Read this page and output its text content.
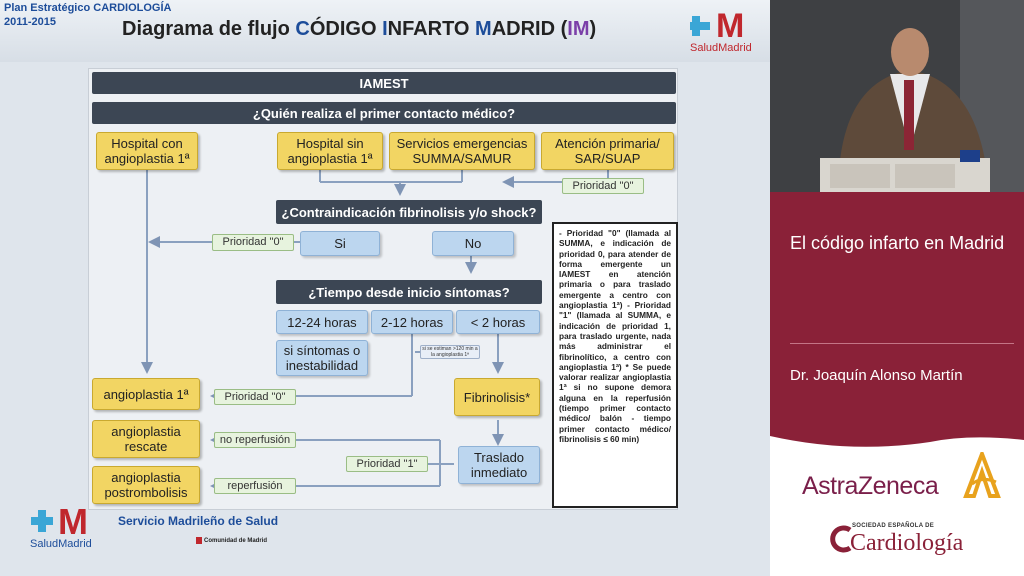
Plan Estratégico CARDIOLOGÍA
2011-2015	Diagrama de flujo CÓDIGO INFARTO MADRID (IM)	M
SaludMadrid
IAMEST
¿Quién realiza el primer contacto médico?
Hospital con angioplastia 1ª
Hospital sin angioplastia 1ª
Servicios emergencias SUMMA/SAMUR
Atención primaria/ SAR/SUAP
Prioridad "0"
¿Contraindicación fibrinolisis y/o shock?
Prioridad "0"	Si	No
¿Tiempo desde inicio síntomas?
12-24 horas	2-12 horas	< 2 horas
si síntomas o inestabilidad
si se estiman >120 min a la angioplastia 1ª
angioplastia 1ª	Prioridad "0"	Fibrinolisis*
angioplastia rescate	no reperfusión
Prioridad "1"	Traslado inmediato
angioplastia postrombolisis	reperfusión
- Prioridad "0" (llamada al SUMMA, e indicación de prioridad 0, para atender de forma emergente un IAMEST en atención primaria o para traslado emergente a centro con angioplastia 1ª) - Prioridad "1" (llamada al SUMMA, e indicación de prioridad 1, para traslado urgente, nada más administrar el fibrinolítico, a centro con angioplastia 1ª) * Se puede valorar realizar angioplastia 1ª si no supone demora alguna en la reperfusión (tiempo primer contacto médico/ balón - tiempo primer contacto médico/ fibrinolisis ≤ 60 min)
M
SaludMadrid
Servicio Madrileño de Salud
Comunidad de Madrid
El código infarto en Madrid
Dr. Joaquín Alonso Martín
AstraZeneca
SOCIEDAD ESPAÑOLA DE
Cardiología
